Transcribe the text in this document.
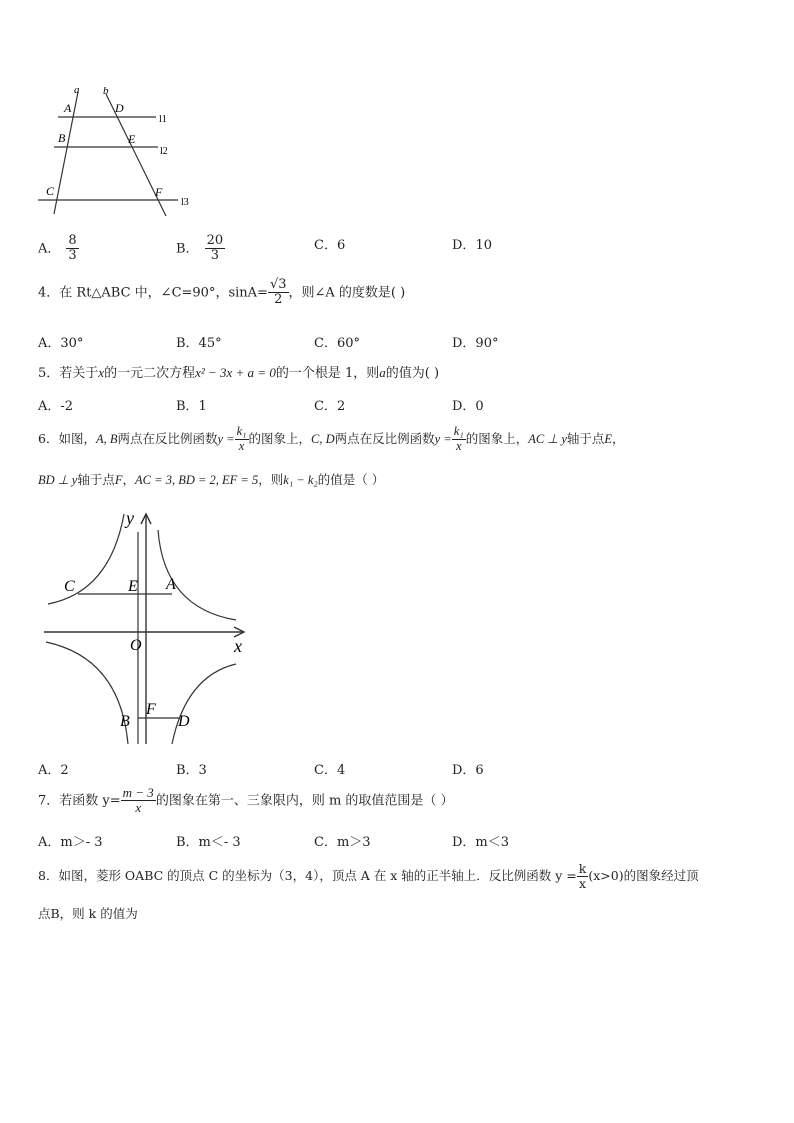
a b
A	D
l1
B	E
l2
C	F
l3
A． $\frac{8}{3}$	B． $\frac{20}{3}$	C．6	D．10
4．在 Rt△ABC 中，∠C=90°，$\sin A= \frac{√3}{2}$ ，则∠A 的度数是( )
A．30°	B．45°	C．60°	D．90°
5．若关于x的一元二次方程x² − 3x + a = 0的一个根是 1，则a的值为( )
A．-2	B．1	C．2	D．0
6．如图，A, B两点在反比例函数$y = \frac{\text{k₁}}{x}$ 的图象上，C, D两点在反比例函数$y = \frac{\text{k₁}}{x}$ 的图象上，AC ⊥ y轴于点E，
BD ⊥ y轴于点F，AC = 3, BD = 2, EF = 5，则k₁ − k₂的值是（ ）
y
x
C	E A
O
B
F
D
A．2	B．3	C．4	D．6
7．若函数 $y= \frac{m - 3}{x}$ 的图象在第一、三象限内，则 m 的取值范围是（ ）
A．m＞- 3	B．m＜- 3	C．m＞3	D．m＜3
8．如图，菱形 OABC 的顶点 C 的坐标为（3，4），顶点 A 在 x 轴的正半轴上．反比例函数 $y = \frac{k}{x} (x>0)$的图象经过顶
点B，则 k 的值为
